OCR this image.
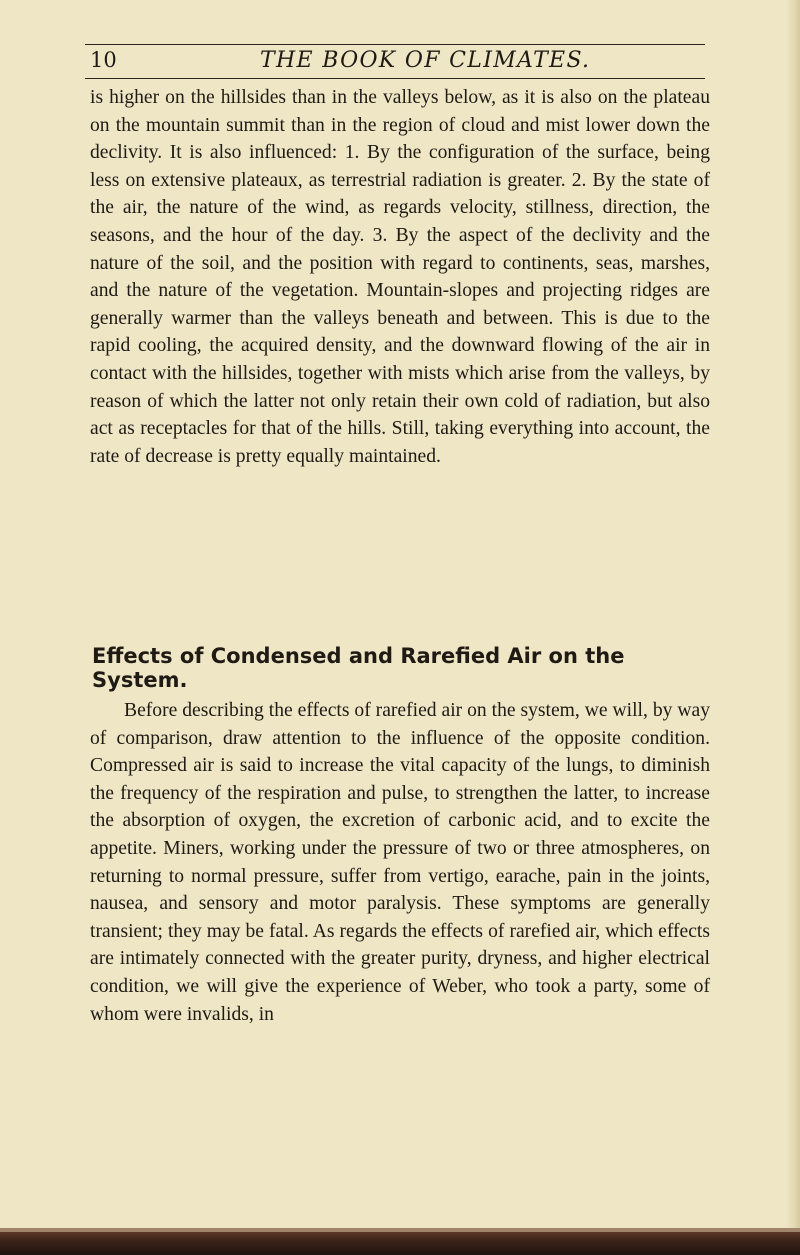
10	THE BOOK OF CLIMATES.

is higher on the hillsides than in the valleys below, as it is also on the plateau on the mountain summit than in the region of cloud and mist lower down the declivity. It is also influenced: 1. By the configuration of the surface, being less on extensive plateaux, as terrestrial radiation is greater. 2. By the state of the air, the nature of the wind, as regards velocity, stillness, direction, the seasons, and the hour of the day. 3. By the aspect of the declivity and the nature of the soil, and the position with regard to continents, seas, marshes, and the nature of the vegetation. Mountain-slopes and projecting ridges are generally warmer than the valleys beneath and between. This is due to the rapid cooling, the acquired density, and the downward flowing of the air in contact with the hillsides, together with mists which arise from the valleys, by reason of which the latter not only retain their own cold of radiation, but also act as receptacles for that of the hills. Still, taking everything into account, the rate of decrease is pretty equally maintained.

Effects of Condensed and Rarefied Air on the System.

Before describing the effects of rarefied air on the system, we will, by way of comparison, draw attention to the influence of the opposite condition. Compressed air is said to increase the vital capacity of the lungs, to diminish the frequency of the respiration and pulse, to strengthen the latter, to increase the absorption of oxygen, the excretion of carbonic acid, and to excite the appetite. Miners, working under the pressure of two or three atmospheres, on returning to normal pressure, suffer from vertigo, earache, pain in the joints, nausea, and sensory and motor paralysis. These symptoms are generally transient; they may be fatal. As regards the effects of rarefied air, which effects are intimately connected with the greater purity, dryness, and higher electrical condition, we will give the experience of Weber, who took a party, some of whom were invalids, in
